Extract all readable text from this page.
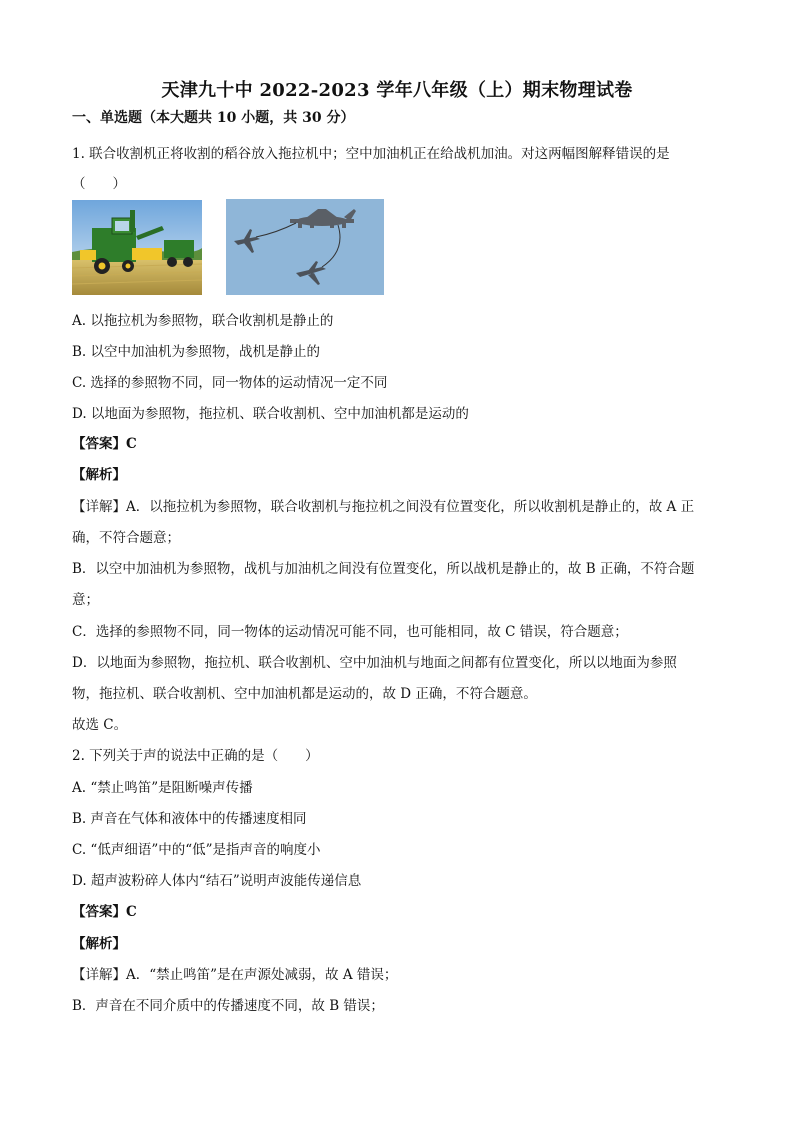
天津九十中 2022-2023 学年八年级（上）期末物理试卷
一、单选题（本大题共 10 小题，共 30 分）
1. 联合收割机正将收割的稻谷放入拖拉机中；空中加油机正在给战机加油。对这两幅图解释错误的是
（　　）
A. 以拖拉机为参照物，联合收割机是静止的
B. 以空中加油机为参照物，战机是静止的
C. 选择的参照物不同，同一物体的运动情况一定不同
D. 以地面为参照物，拖拉机、联合收割机、空中加油机都是运动的
【答案】C
【解析】
【详解】A．以拖拉机为参照物，联合收割机与拖拉机之间没有位置变化，所以收割机是静止的，故 A 正
确，不符合题意；
B．以空中加油机为参照物，战机与加油机之间没有位置变化，所以战机是静止的，故 B 正确，不符合题
意；
C．选择的参照物不同，同一物体的运动情况可能不同，也可能相同，故 C 错误，符合题意；
D．以地面为参照物，拖拉机、联合收割机、空中加油机与地面之间都有位置变化，所以以地面为参照
物，拖拉机、联合收割机、空中加油机都是运动的，故 D 正确，不符合题意。
故选 C。
2. 下列关于声的说法中正确的是（　　）
A. “禁止鸣笛”是阻断噪声传播
B. 声音在气体和液体中的传播速度相同
C. “低声细语”中的“低”是指声音的响度小
D. 超声波粉碎人体内“结石”说明声波能传递信息
【答案】C
【解析】
【详解】A．“禁止鸣笛”是在声源处减弱，故 A 错误；
B．声音在不同介质中的传播速度不同，故 B 错误；
